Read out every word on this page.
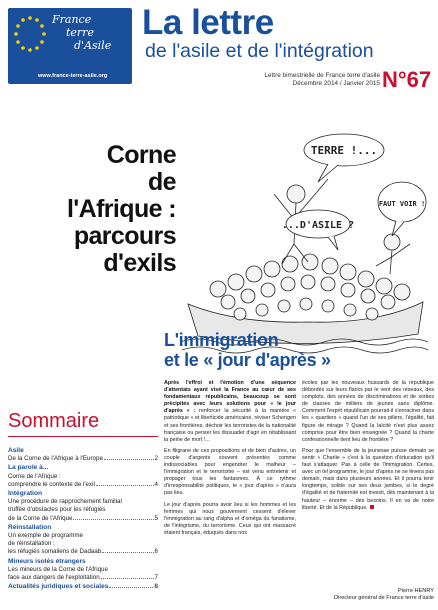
France
terre
d'Asile
www.france-terre-asile.org
La lettre
de l'asile et de l'intégration
Lettre bimestrielle de France terre d'asile
Décembre 2014 / Janvier 2015 N°67
Corne
de l'Afrique :
parcours
d'exils
TERRE !...
...D'ASILE ?
FAUT VOIR !
L'immigration
et le « jour d'après »
Sommaire
Asile
De la Corne de l'Afrique à l'Europe	2
La parole à...
Corne de l'Afrique :
comprendre le contexte de l'exil	4
Intégration
Une procédure de rapprochement familial
truffée d'obstacles pour les réfugiés
de la Corne de l'Afrique	5
Réinstallation
Un exemple de programme
de réinstallation :
les réfugiés somaliens de Dadaab	6
Mineurs isolés étrangers
Les mineurs de la Corne de l'Afrique
face aux dangers de l'exploitation	7
Actualités juridiques et sociales	8

Après l'effroi et l'émotion d'une séquence d'attentats ayant visé la France au cœur de ses fondamentaux républicains, beaucoup se sont précipités avec leurs solutions pour « le jour d'après » : renforcer la sécurité à la manière « patriotique » et liberticide américaine, réviser Schengen et ses frontières, déchoir les terroristes de la nationalité française ou penser les dissuader d'agir en rétablissant la peine de mort !...

En filigrane de ces propositions et de bien d'autres, un couple d'argents souvent présentés comme indissociables pour engendrer le malheur – l'immigration et le terrorisme – est venu entretenir et propager tous les fantasmes. À ce rythme d'irresponsabilité politiques, le « jour d'après » n'aura pas lieu.

Le jour d'après pourra avoir lieu si les hommes et les femmes qui nous gouvernent cessent d'élever l'immigration au rang d'alpha et d'oméga du fanatisme, de l'intégrisme, du terrorisme. Ceux qui ont massacré étaient français, éduqués dans nos

écoles par les nouveaux hussards de la république débordés sur leurs flancs par le vent des réseaux, des complots, des années de discriminations et de sorties de classes de milliers de jeunes sans diplôme. Comment l'esprit républicain pourrait-il s'enraciner dans les « quartiers » quand l'un de ses piliers, l'égalité, fait figure de mirage ? Quand la laïcité n'est plus assez comprise pour être bien enseignée ? Quand la charte confessionnelle tient lieu de frontière ?

Pour que l'ensemble de la jeunesse puisse demain se sentir « Charlie » c'est à la question d'éducation qu'il faut s'attaquer. Pas à celle de l'immigration. Certes, avec un tel programme, le jour d'après ne se lèvera pas demain, mais dans plusieurs années. Et il pourra tenir longtemps, solide sur ses deux jambes, si le degré d'égalité et de fraternité est investi, dès maintenant à la hauteur – énorme – des besoins. Il en va de notre liberté. Et de la République.

Pierre HENRY
Directeur général de France terre d'asile
